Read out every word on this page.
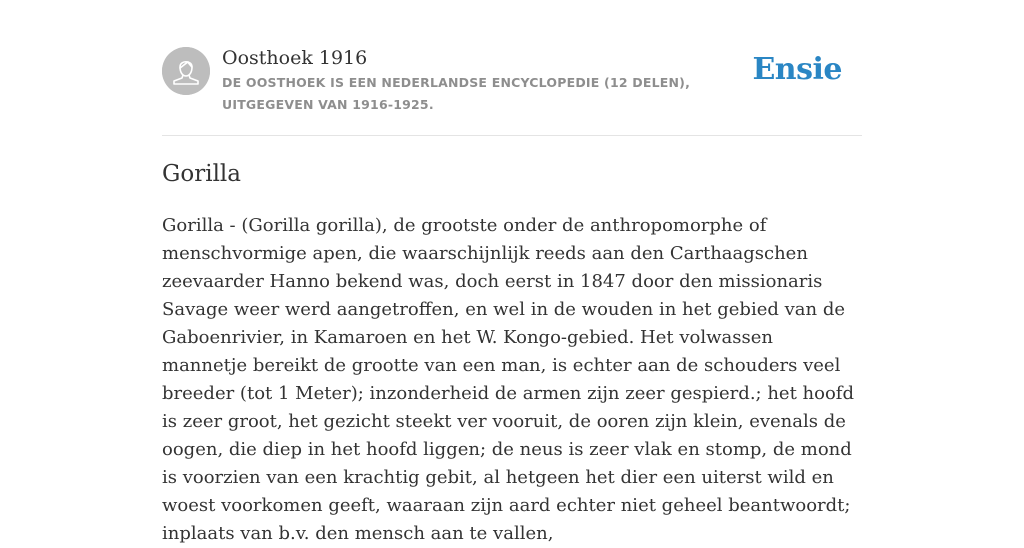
Oosthoek 1916
DE OOSTHOEK IS EEN NEDERLANDSE ENCYCLOPEDIE (12 DELEN), UITGEGEVEN VAN 1916-1925.
Ensie
Gorilla

Gorilla - (Gorilla gorilla), de grootste onder de anthropomorphe of menschvormige apen, die waarschijnlijk reeds aan den Carthaagschen zeevaarder Hanno bekend was, doch eerst in 1847 door den missionaris Savage weer werd aangetroffen, en wel in de wouden in het gebied van de Gaboenrivier, in Kamaroen en het W. Kongo-gebied. Het volwassen mannetje bereikt de grootte van een man, is echter aan de schouders veel breeder (tot 1 Meter); inzonderheid de armen zijn zeer gespierd.; het hoofd is zeer groot, het gezicht steekt ver vooruit, de ooren zijn klein, evenals de oogen, die diep in het hoofd liggen; de neus is zeer vlak en stomp, de mond is voorzien van een krachtig gebit, al hetgeen het dier een uiterst wild en woest voorkomen geeft, waaraan zijn aard echter niet geheel beantwoordt; inplaats van b.v. den mensch aan te vallen,
